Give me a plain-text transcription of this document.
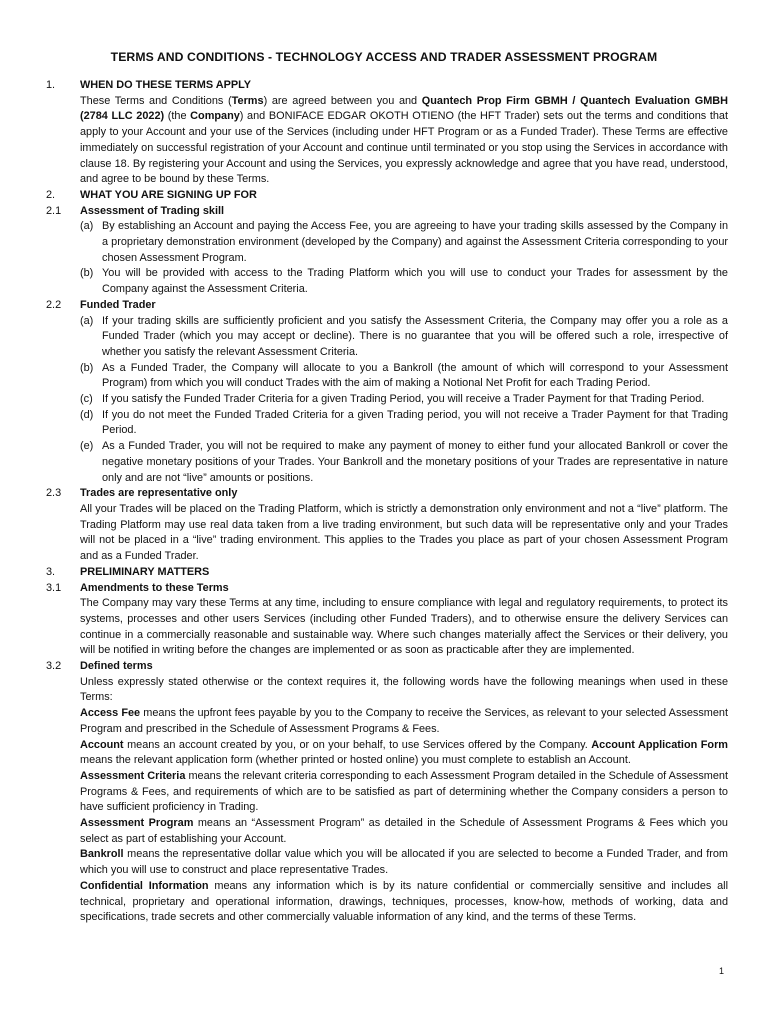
TERMS AND CONDITIONS - TECHNOLOGY ACCESS AND TRADER ASSESSMENT PROGRAM
1.	WHEN DO THESE TERMS APPLY
These Terms and Conditions (Terms) are agreed between you and Quantech Prop Firm GBMH / Quantech Evaluation GMBH (2784 LLC 2022) (the Company) and BONIFACE EDGAR OKOTH OTIENO (the HFT Trader) sets out the terms and conditions that apply to your Account and your use of the Services (including under HFT Program or as a Funded Trader). These Terms are effective immediately on successful registration of your Account and continue until terminated or you stop using the Services in accordance with clause 18. By registering your Account and using the Services, you expressly acknowledge and agree that you have read, understood, and agree to be bound by these Terms.
2.	WHAT YOU ARE SIGNING UP FOR
2.1	Assessment of Trading skill
(a) By establishing an Account and paying the Access Fee, you are agreeing to have your trading skills assessed by the Company in a proprietary demonstration environment (developed by the Company) and against the Assessment Criteria corresponding to your chosen Assessment Program.
(b) You will be provided with access to the Trading Platform which you will use to conduct your Trades for assessment by the Company against the Assessment Criteria.
2.2	Funded Trader
(a) If your trading skills are sufficiently proficient and you satisfy the Assessment Criteria, the Company may offer you a role as a Funded Trader (which you may accept or decline). There is no guarantee that you will be offered such a role, irrespective of whether you satisfy the relevant Assessment Criteria.
(b) As a Funded Trader, the Company will allocate to you a Bankroll (the amount of which will correspond to your Assessment Program) from which you will conduct Trades with the aim of making a Notional Net Profit for each Trading Period.
(c) If you satisfy the Funded Trader Criteria for a given Trading Period, you will receive a Trader Payment for that Trading Period.
(d) If you do not meet the Funded Traded Criteria for a given Trading period, you will not receive a Trader Payment for that Trading Period.
(e) As a Funded Trader, you will not be required to make any payment of money to either fund your allocated Bankroll or cover the negative monetary positions of your Trades. Your Bankroll and the monetary positions of your Trades are representative in nature only and are not “live” amounts or positions.
2.3	Trades are representative only
All your Trades will be placed on the Trading Platform, which is strictly a demonstration only environment and not a “live” platform. The Trading Platform may use real data taken from a live trading environment, but such data will be representative only and your Trades will not be placed in a “live” trading environment. This applies to the Trades you place as part of your chosen Assessment Program and as a Funded Trader.
3.	PRELIMINARY MATTERS
3.1	Amendments to these Terms
The Company may vary these Terms at any time, including to ensure compliance with legal and regulatory requirements, to protect its systems, processes and other users Services (including other Funded Traders), and to otherwise ensure the delivery Services can continue in a commercially reasonable and sustainable way. Where such changes materially affect the Services or their delivery, you will be notified in writing before the changes are implemented or as soon as practicable after they are implemented.
3.2	Defined terms
Unless expressly stated otherwise or the context requires it, the following words have the following meanings when used in these Terms:
Access Fee means the upfront fees payable by you to the Company to receive the Services, as relevant to your selected Assessment Program and prescribed in the Schedule of Assessment Programs & Fees.
Account means an account created by you, or on your behalf, to use Services offered by the Company. Account Application Form means the relevant application form (whether printed or hosted online) you must complete to establish an Account.
Assessment Criteria means the relevant criteria corresponding to each Assessment Program detailed in the Schedule of Assessment Programs & Fees, and requirements of which are to be satisfied as part of determining whether the Company considers a person to have sufficient proficiency in Trading.
Assessment Program means an “Assessment Program” as detailed in the Schedule of Assessment Programs & Fees which you select as part of establishing your Account.
Bankroll means the representative dollar value which you will be allocated if you are selected to become a Funded Trader, and from which you will use to construct and place representative Trades.
Confidential Information means any information which is by its nature confidential or commercially sensitive and includes all technical, proprietary and operational information, drawings, techniques, processes, know-how, methods of working, data and specifications, trade secrets and other commercially valuable information of any kind, and the terms of these Terms.
1
